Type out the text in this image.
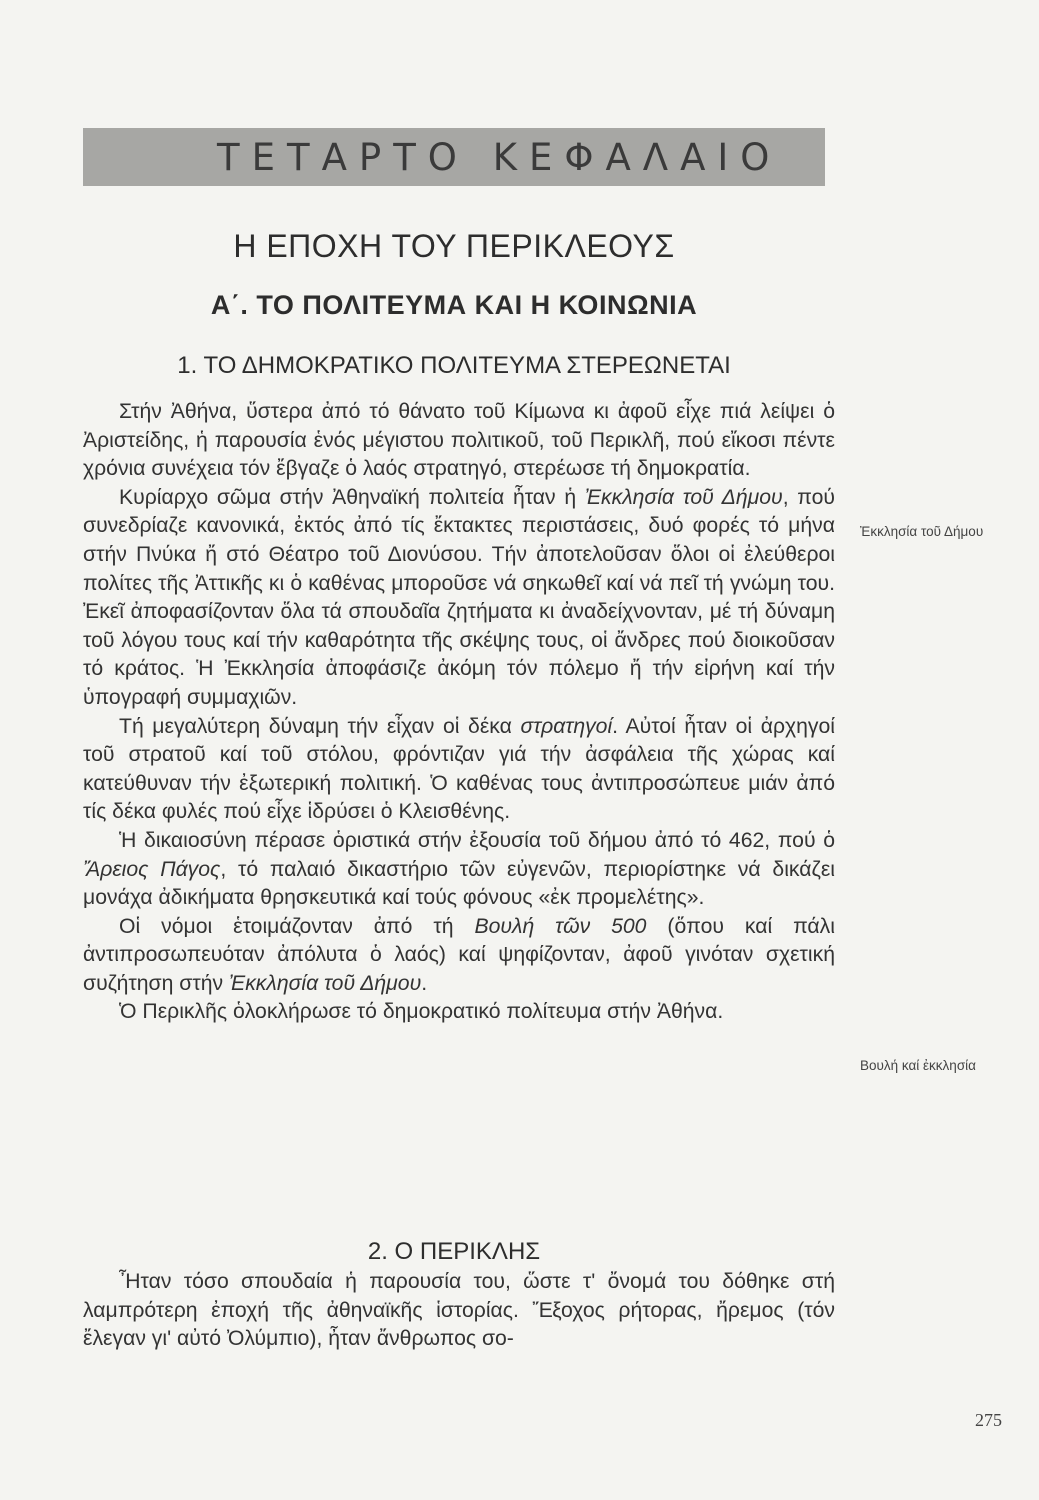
ΤΕΤΑΡΤΟ ΚΕΦΑΛΑΙΟ
Η ΕΠΟΧΗ ΤΟΥ ΠΕΡΙΚΛΕΟΥΣ
Α΄. ΤΟ ΠΟΛΙΤΕΥΜΑ ΚΑΙ Η ΚΟΙΝΩΝΙΑ
1. ΤΟ ΔΗΜΟΚΡΑΤΙΚΟ ΠΟΛΙΤΕΥΜΑ ΣΤΕΡΕΩΝΕΤΑΙ

Στήν Ἀθήνα, ὕστερα ἀπό τό θάνατο τοῦ Κίμωνα κι ἀφοῦ εἶχε πιά λείψει ὁ Ἀριστείδης, ἡ παρουσία ἑνός μέγιστου πολιτικοῦ, τοῦ Περικλῆ, πού εἴκοσι πέντε χρόνια συνέχεια τόν ἔβγαζε ὁ λαός στρατηγό, στερέωσε τή δημοκρατία.

Κυρίαρχο σῶμα στήν Ἀθηναϊκή πολιτεία ἦταν ἡ Ἐκκλησία τοῦ Δήμου, πού συνεδρίαζε κανονικά, ἐκτός ἀπό τίς ἔκτακτες περιστάσεις, δυό φορές τό μήνα στήν Πνύκα ἤ στό Θέατρο τοῦ Διονύσου. Τήν ἀποτελοῦσαν ὅλοι οἱ ἐλεύθεροι πολίτες τῆς Ἀττικῆς κι ὁ καθένας μποροῦσε νά σηκωθεῖ καί νά πεῖ τή γνώμη του. Ἐκεῖ ἀποφασίζονταν ὅλα τά σπουδαῖα ζητήματα κι ἀναδείχνονταν, μέ τή δύναμη τοῦ λόγου τους καί τήν καθαρότητα τῆς σκέψης τους, οἱ ἄνδρες πού διοικοῦσαν τό κράτος. Ἡ Ἐκκλησία ἀποφάσιζε ἀκόμη τόν πόλεμο ἤ τήν εἰρήνη καί τήν ὑπογραφή συμμαχιῶν.

Τή μεγαλύτερη δύναμη τήν εἶχαν οἱ δέκα στρατηγοί. Αὐτοί ἦταν οἱ ἀρχηγοί τοῦ στρατοῦ καί τοῦ στόλου, φρόντιζαν γιά τήν ἀσφάλεια τῆς χώρας καί κατεύθυναν τήν ἐξωτερική πολιτική. Ὁ καθένας τους ἀντιπροσώπευε μιάν ἀπό τίς δέκα φυλές πού εἶχε ἱδρύσει ὁ Κλεισθένης.

Ἡ δικαιοσύνη πέρασε ὁριστικά στήν ἐξουσία τοῦ δήμου ἀπό τό 462, πού ὁ Ἄρειος Πάγος, τό παλαιό δικαστήριο τῶν εὐγενῶν, περιορίστηκε νά δικάζει μονάχα ἀδικήματα θρησκευτικά καί τούς φόνους «ἐκ προμελέτης».

Οἱ νόμοι ἑτοιμάζονταν ἀπό τή Βουλή τῶν 500 (ὅπου καί πάλι ἀντιπροσωπευόταν ἀπόλυτα ὁ λαός) καί ψηφίζονταν, ἀφοῦ γινόταν σχετική συζήτηση στήν Ἐκκλησία τοῦ Δήμου.

Ὁ Περικλῆς ὁλοκλήρωσε τό δημοκρατικό πολίτευμα στήν Ἀθήνα.

2. Ο ΠΕΡΙΚΛΗΣ

Ἦταν τόσο σπουδαία ἡ παρουσία του, ὥστε τ' ὄνομά του δόθηκε στή λαμπρότερη ἐποχή τῆς ἀθηναϊκῆς ἱστορίας. Ἔξοχος ρήτορας, ἤρεμος (τόν ἔλεγαν γι' αὐτό Ὀλύμπιο), ἦταν ἄνθρωπος σο-

Ἐκκλησία τοῦ Δήμου
Βουλή καί ἐκκλησία
275
